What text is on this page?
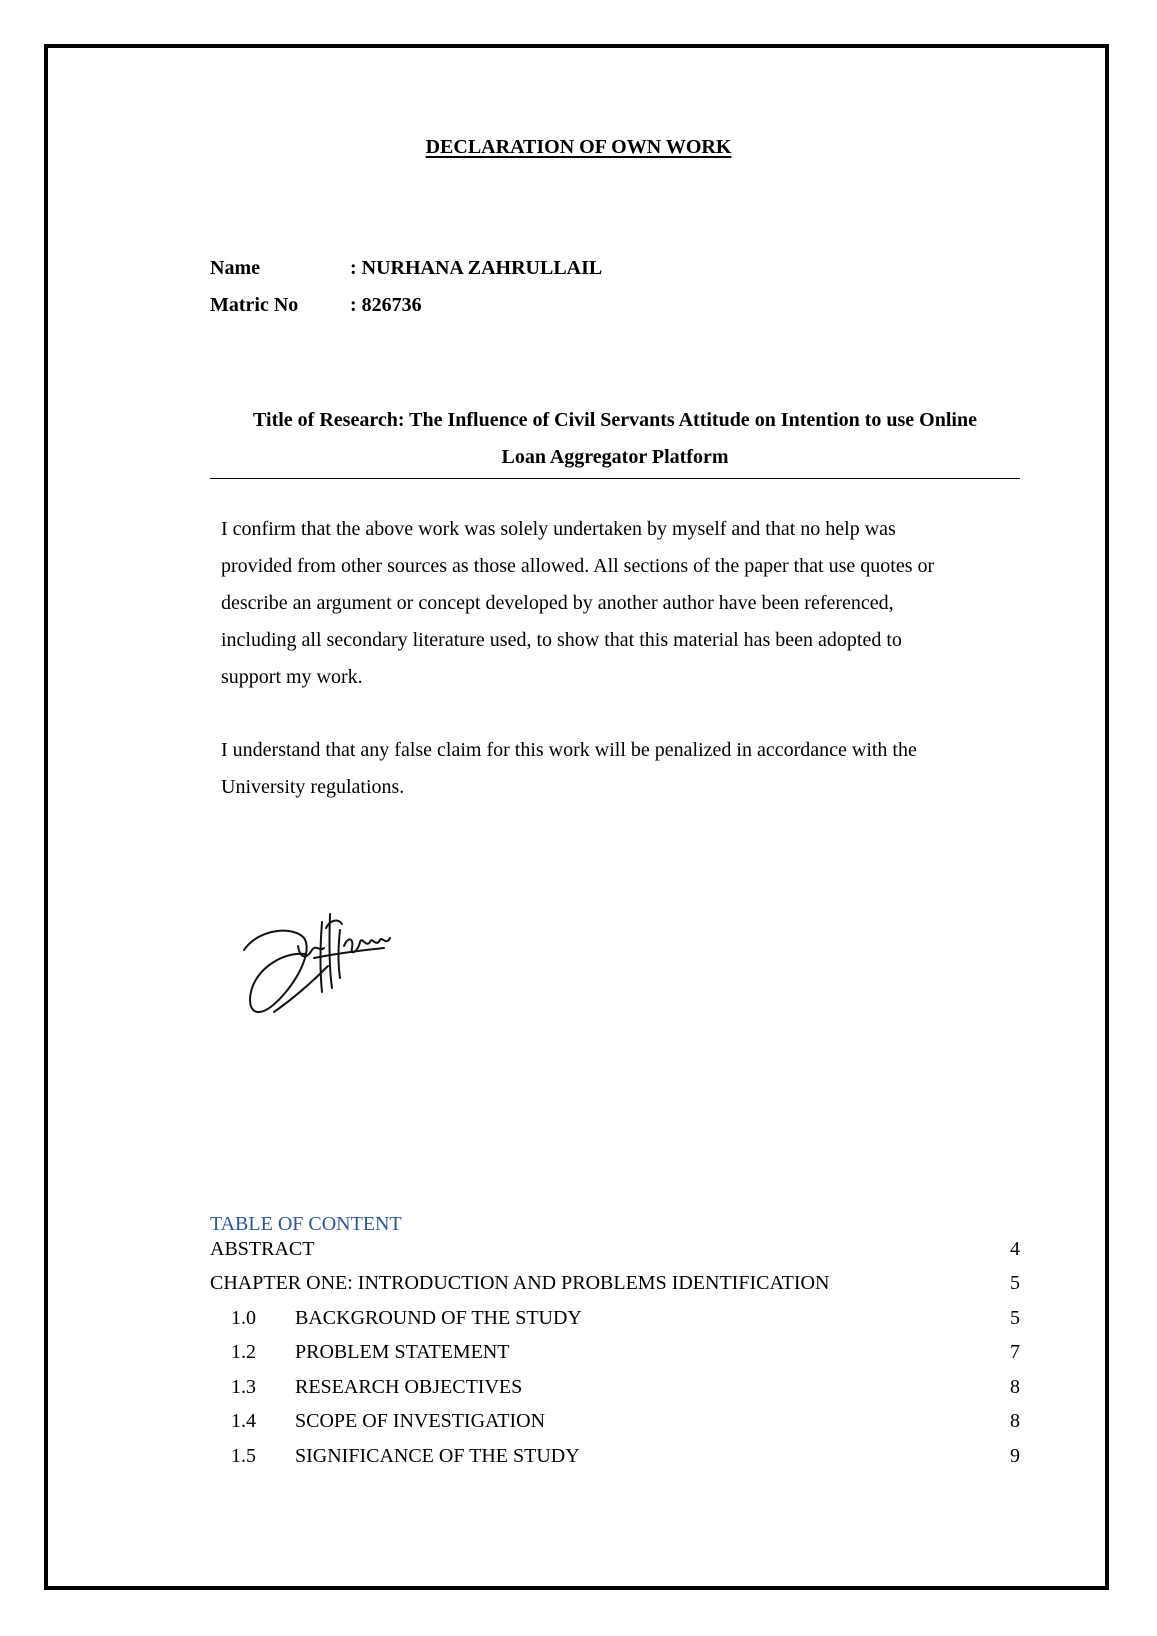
DECLARATION OF OWN WORK
Name	: NURHANA ZAHRULLAIL
Matric No	: 826736
Title of Research: The Influence of Civil Servants Attitude on Intention to use Online
Loan Aggregator Platform
I confirm that the above work was solely undertaken by myself and that no help was
provided from other sources as those allowed. All sections of the paper that use quotes or
describe an argument or concept developed by another author have been referenced,
including all secondary literature used, to show that this material has been adopted to
support my work.
I understand that any false claim for this work will be penalized in accordance with the
University regulations.
TABLE OF CONTENT
ABSTRACT	4
CHAPTER ONE: INTRODUCTION AND PROBLEMS IDENTIFICATION	5
1.0 BACKGROUND OF THE STUDY	5
1.2 PROBLEM STATEMENT	7
1.3 RESEARCH OBJECTIVES	8
1.4 SCOPE OF INVESTIGATION	8
1.5 SIGNIFICANCE OF THE STUDY	9
